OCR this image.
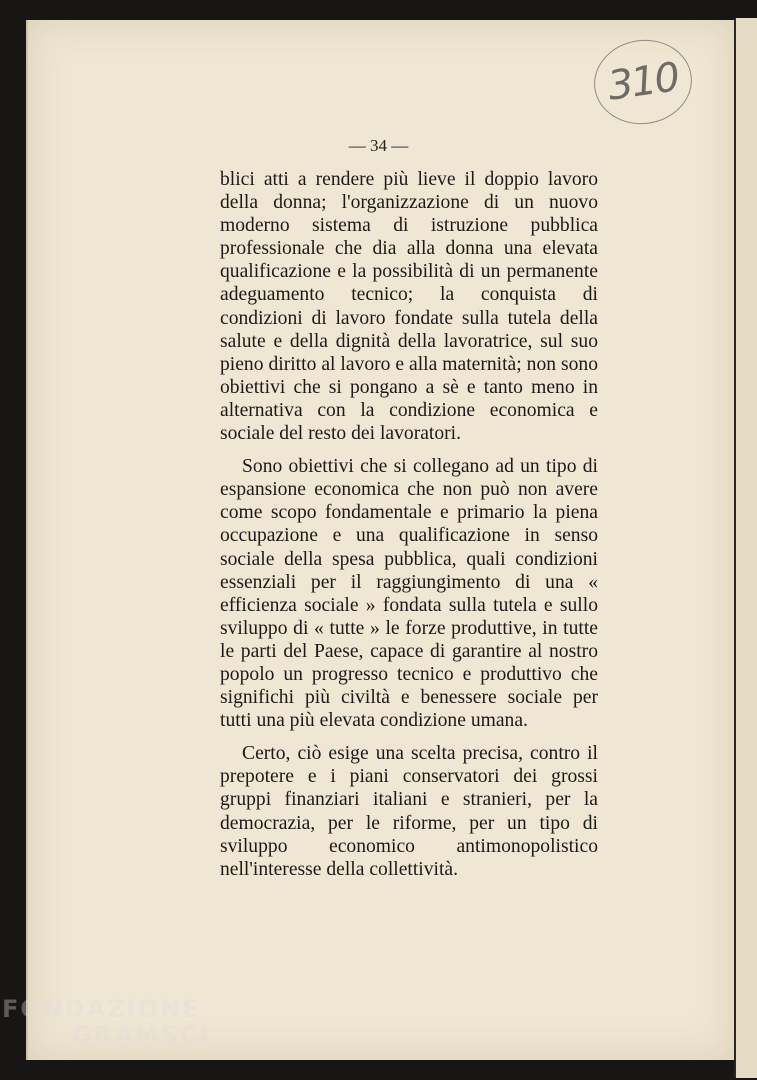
310
— 34 —

blici atti a rendere più lieve il doppio lavoro della donna; l'organizzazione di un nuovo moderno sistema di istruzione pubblica professionale che dia alla donna una elevata qualificazione e la possibilità di un permanente adeguamento tecnico; la conquista di condizioni di lavoro fondate sulla tutela della salute e della dignità della lavoratrice, sul suo pieno diritto al lavoro e alla maternità; non sono obiettivi che si pongano a sè e tanto meno in alternativa con la condizione economica e sociale del resto dei lavoratori.

Sono obiettivi che si collegano ad un tipo di espansione economica che non può non avere come scopo fondamentale e primario la piena occupazione e una qualificazione in senso sociale della spesa pubblica, quali condizioni essenziali per il raggiungimento di una « efficienza sociale » fondata sulla tutela e sullo sviluppo di « tutte » le forze produttive, in tutte le parti del Paese, capace di garantire al nostro popolo un progresso tecnico e produttivo che significhi più civiltà e benessere sociale per tutti una più elevata condizione umana.

Certo, ciò esige una scelta precisa, contro il prepotere e i piani conservatori dei grossi gruppi finanziari italiani e stranieri, per la democrazia, per le riforme, per un tipo di sviluppo economico antimonopolistico nell'interesse della collettività.

FONDAZIONE
GRAMSCI
onlus
